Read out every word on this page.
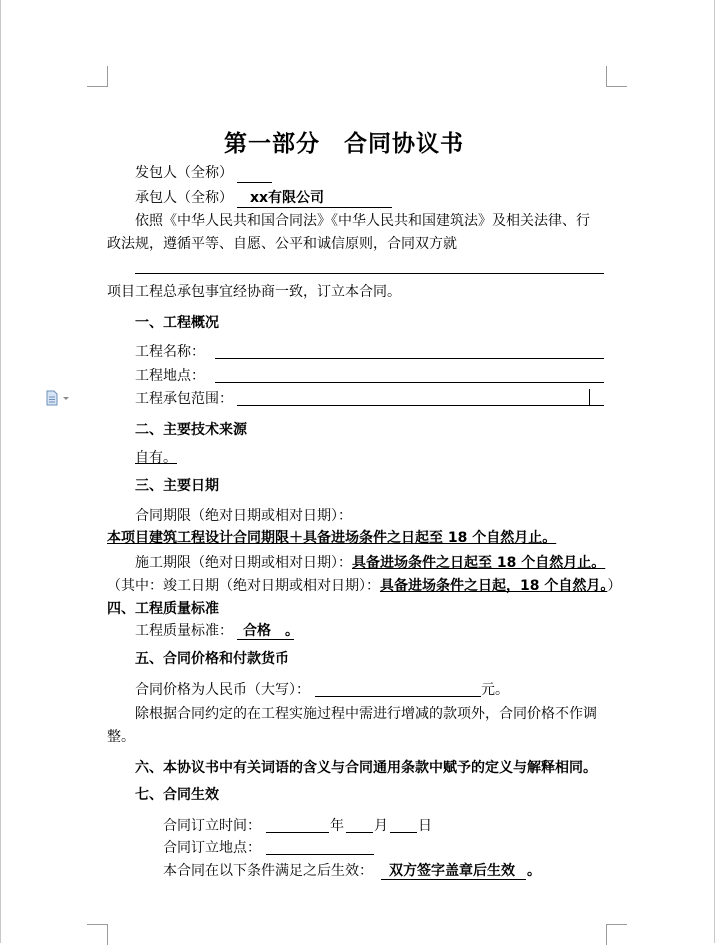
第一部分　合同协议书
发包人（全称）
承包人（全称） xx有限公司
依照《中华人民共和国合同法》《中华人民共和国建筑法》及相关法律、行
政法规，遵循平等、自愿、公平和诚信原则，合同双方就
项目工程总承包事宜经协商一致，订立本合同。
一、工程概况
工程名称：
工程地点：
工程承包范围：
二、主要技术来源
自有。
三、主要日期
合同期限（绝对日期或相对日期）：
本项目建筑工程设计合同期限＋具备进场条件之日起至 18 个自然月止。
施工期限（绝对日期或相对日期）： 具备进场条件之日起至 18 个自然月止。
（其中：竣工日期（绝对日期或相对日期）：具备进场条件之日起，18 个自然月。）
四、工程质量标准
工程质量标准： 合格　。
五、合同价格和付款货币
合同价格为人民币（大写）：	元。
除根据合同约定的在工程实施过程中需进行增减的款项外，合同价格不作调
整。
六、本协议书中有关词语的含义与合同通用条款中赋予的定义与解释相同。
七、合同生效
合同订立时间：	年 月 日
合同订立地点：
本合同在以下条件满足之后生效： 双方签字盖章后生效 。
